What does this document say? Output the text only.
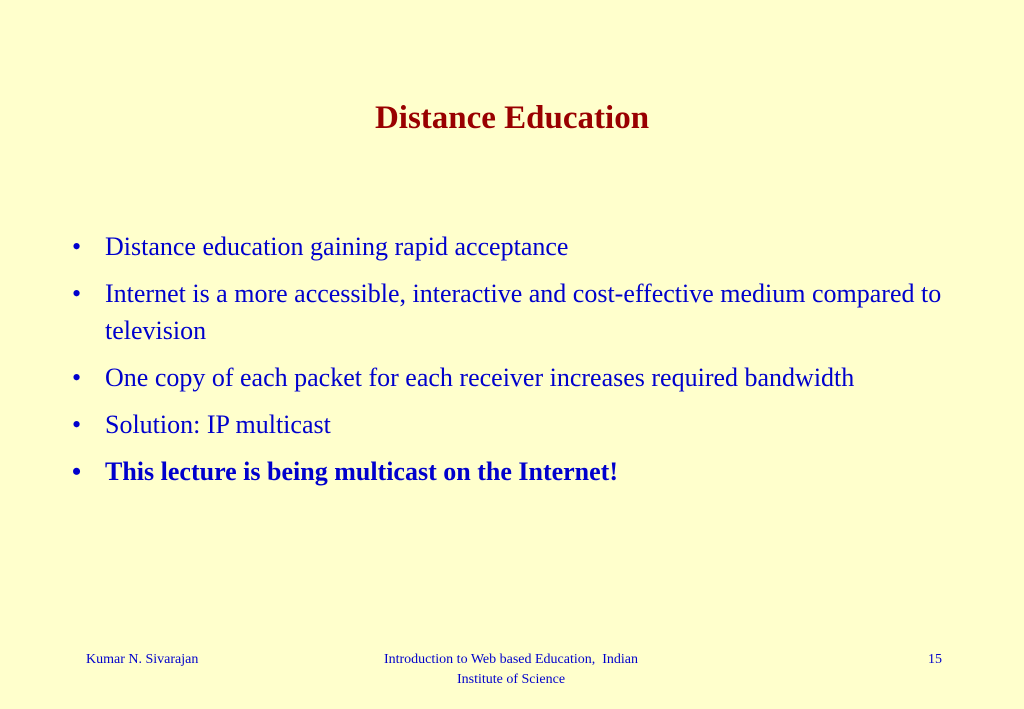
Distance Education
• Distance education gaining rapid acceptance
• Internet is a more accessible, interactive and cost-effective medium compared to television
• One copy of each packet for each receiver increases required bandwidth
• Solution: IP multicast
• This lecture is being multicast on the Internet!
Kumar N. Sivarajan	Introduction to Web based Education,  Indian
Institute of Science
15
